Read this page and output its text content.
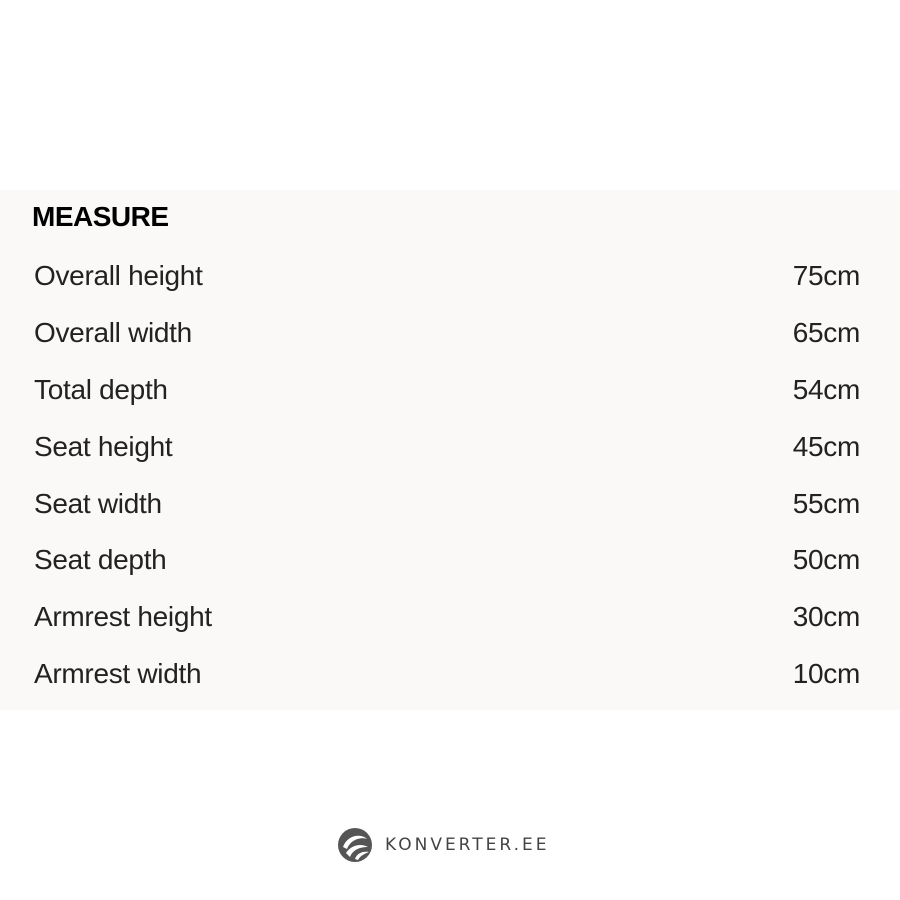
MEASURE
Overall height	75cm
Overall width	65cm
Total depth	54cm
Seat height	45cm
Seat width	55cm
Seat depth	50cm
Armrest height	30cm
Armrest width	10cm
KONVERTER.EE
